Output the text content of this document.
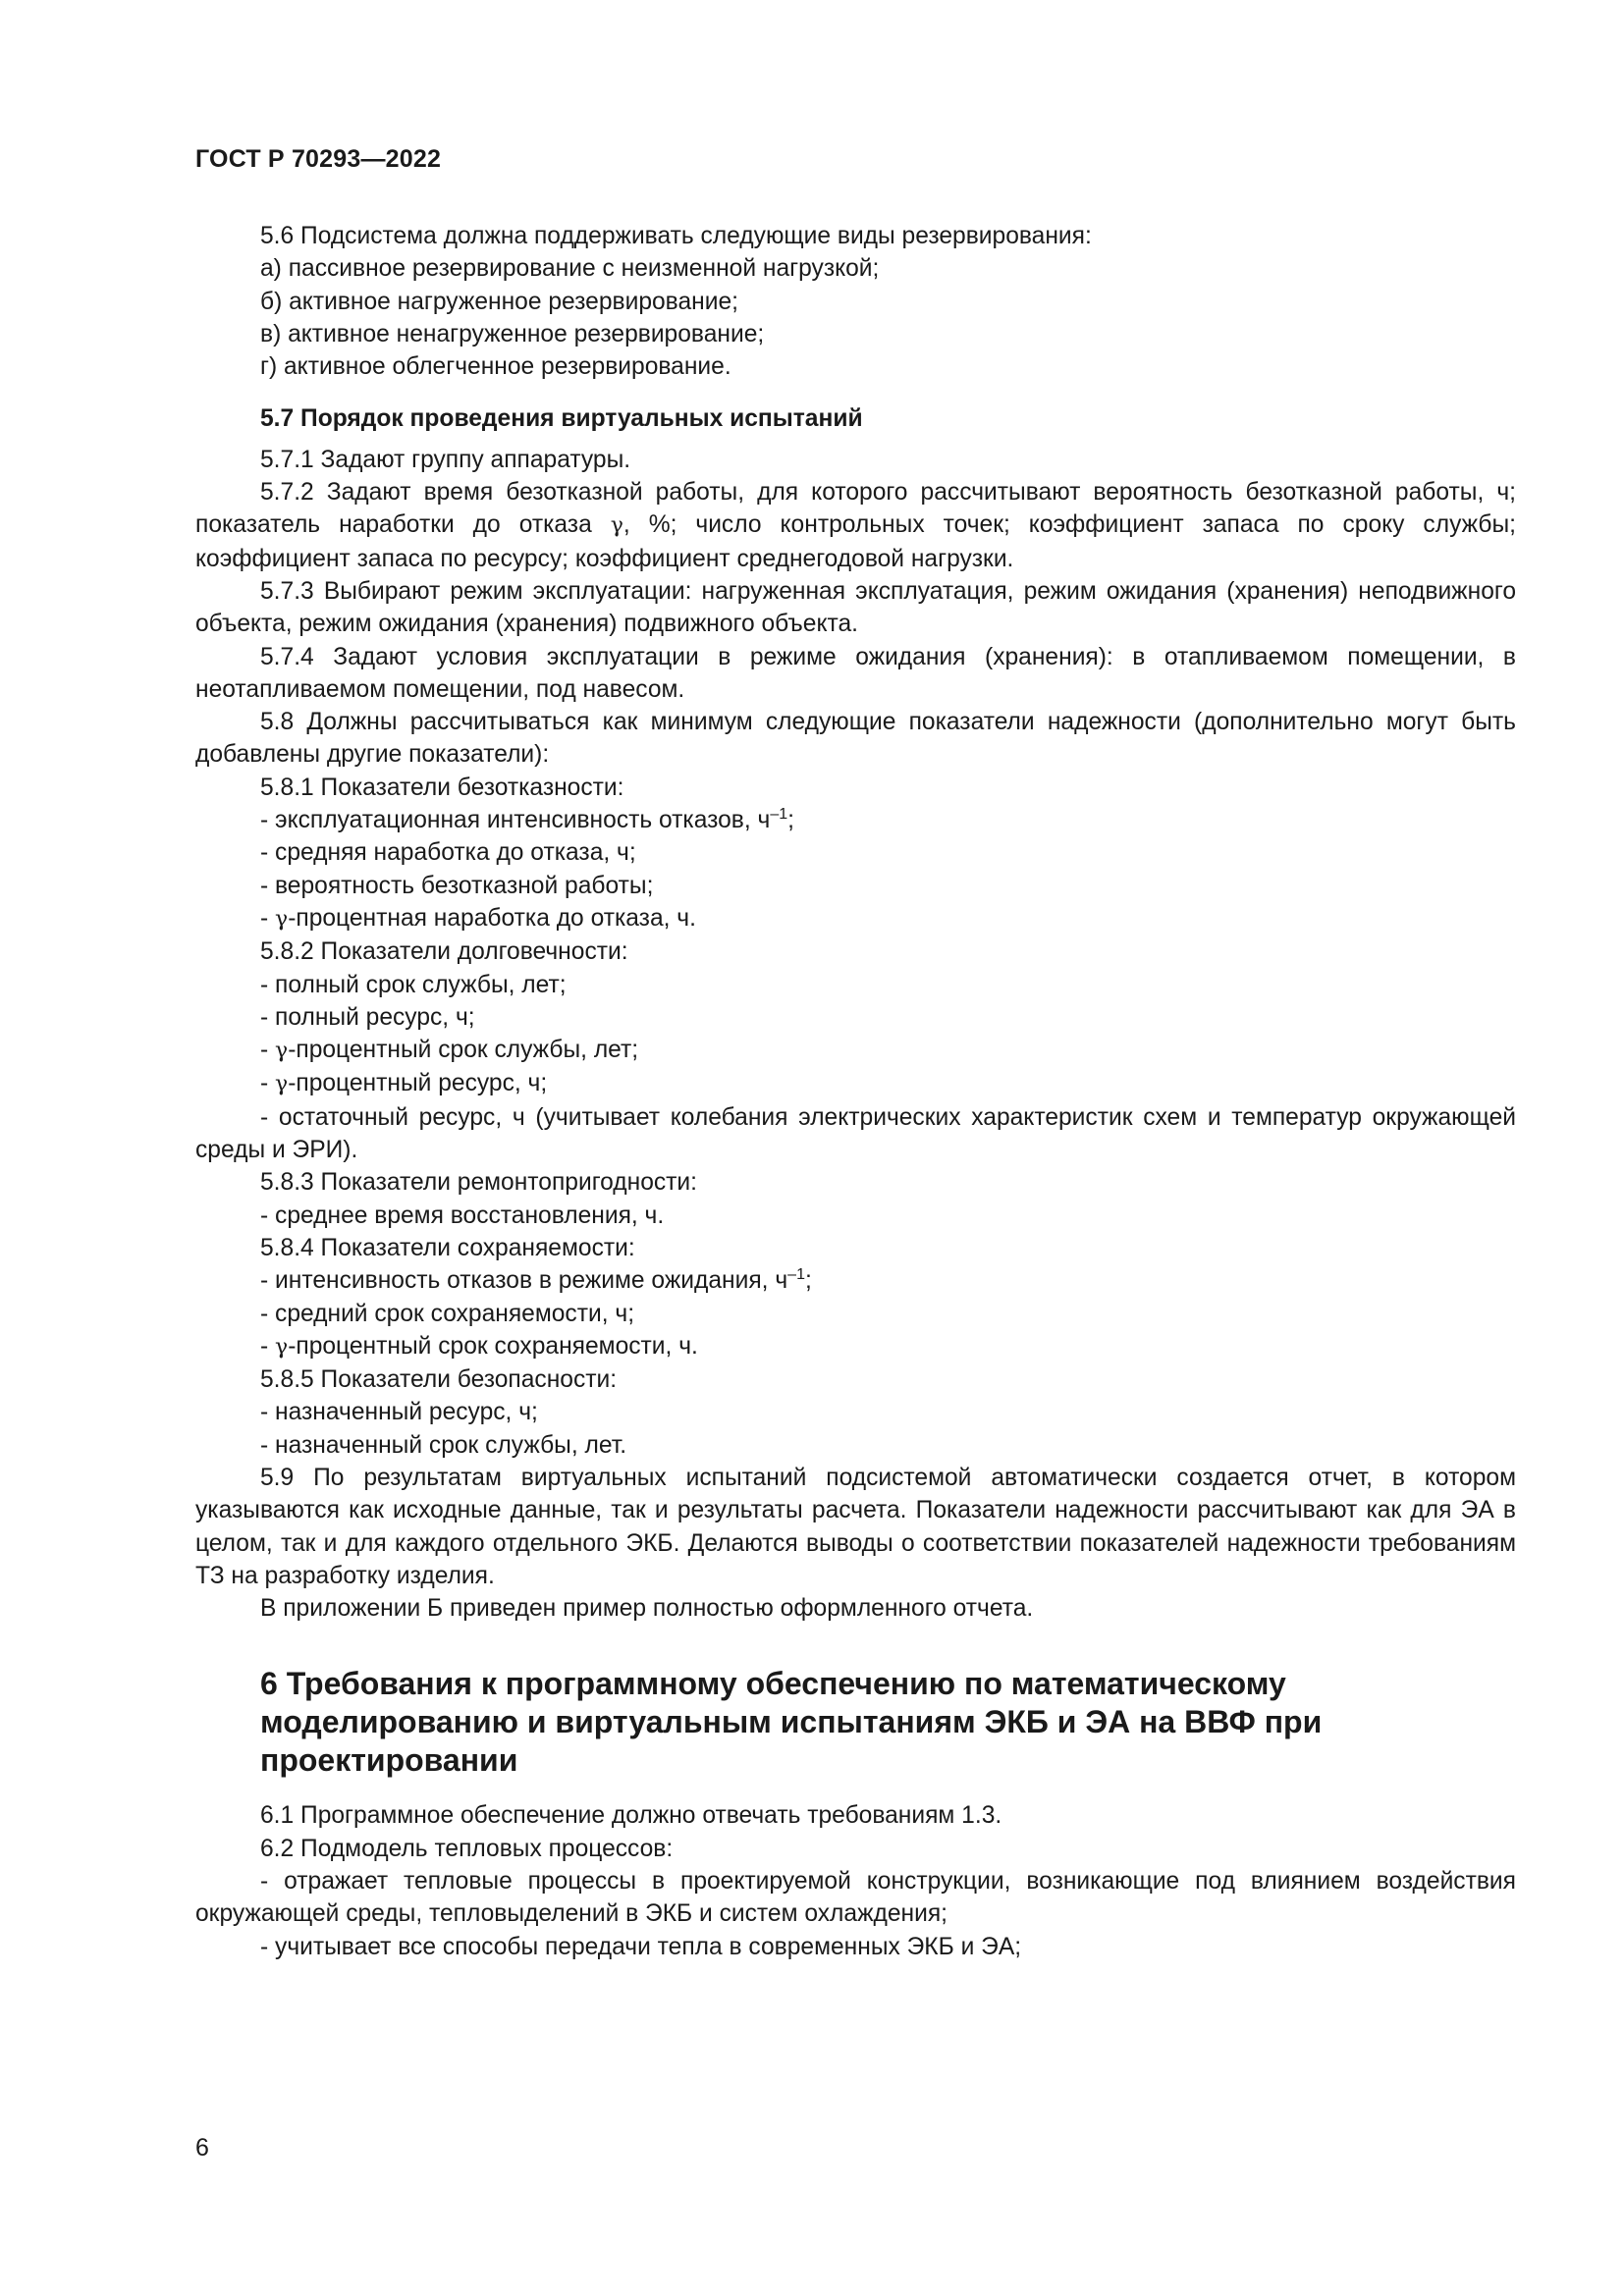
ГОСТ Р 70293—2022

5.6 Подсистема должна поддерживать следующие виды резервирования:

а) пассивное резервирование с неизменной нагрузкой;

б) активное нагруженное резервирование;

в) активное ненагруженное резервирование;

г) активное облегченное резервирование.

5.7 Порядок проведения виртуальных испытаний

5.7.1 Задают группу аппаратуры.

5.7.2 Задают время безотказной работы, для которого рассчитывают вероятность безотказной работы, ч; показатель наработки до отказа γ, %; число контрольных точек; коэффициент запаса по сроку службы; коэффициент запаса по ресурсу; коэффициент среднегодовой нагрузки.

5.7.3 Выбирают режим эксплуатации: нагруженная эксплуатация, режим ожидания (хранения) неподвижного объекта, режим ожидания (хранения) подвижного объекта.

5.7.4 Задают условия эксплуатации в режиме ожидания (хранения): в отапливаемом помещении, в неотапливаемом помещении, под навесом.

5.8 Должны рассчитываться как минимум следующие показатели надежности (дополнительно могут быть добавлены другие показатели):

5.8.1 Показатели безотказности:

- эксплуатационная интенсивность отказов, $ч^{-1}$;

- средняя наработка до отказа, ч;

- вероятность безотказной работы;

- γ-процентная наработка до отказа, ч.

5.8.2 Показатели долговечности:

- полный срок службы, лет;

- полный ресурс, ч;

- γ-процентный срок службы, лет;

- γ-процентный ресурс, ч;

- остаточный ресурс, ч (учитывает колебания электрических характеристик схем и температур окружающей среды и ЭРИ).

5.8.3 Показатели ремонтопригодности:

- среднее время восстановления, ч.

5.8.4 Показатели сохраняемости:

- интенсивность отказов в режиме ожидания, $ч^{-1}$;

- средний срок сохраняемости, ч;

- γ-процентный срок сохраняемости, ч.

5.8.5 Показатели безопасности:

- назначенный ресурс, ч;

- назначенный срок службы, лет.

5.9 По результатам виртуальных испытаний подсистемой автоматически создается отчет, в котором указываются как исходные данные, так и результаты расчета. Показатели надежности рассчитывают как для ЭА в целом, так и для каждого отдельного ЭКБ. Делаются выводы о соответствии показателей надежности требованиям ТЗ на разработку изделия.

В приложении Б приведен пример полностью оформленного отчета.

6 Требования к программному обеспечению по математическому моделированию и виртуальным испытаниям ЭКБ и ЭА на ВВФ при проектировании

6.1 Программное обеспечение должно отвечать требованиям 1.3.

6.2 Подмодель тепловых процессов:

- отражает тепловые процессы в проектируемой конструкции, возникающие под влиянием воздействия окружающей среды, тепловыделений в ЭКБ и систем охлаждения;

- учитывает все способы передачи тепла в современных ЭКБ и ЭА;

6
